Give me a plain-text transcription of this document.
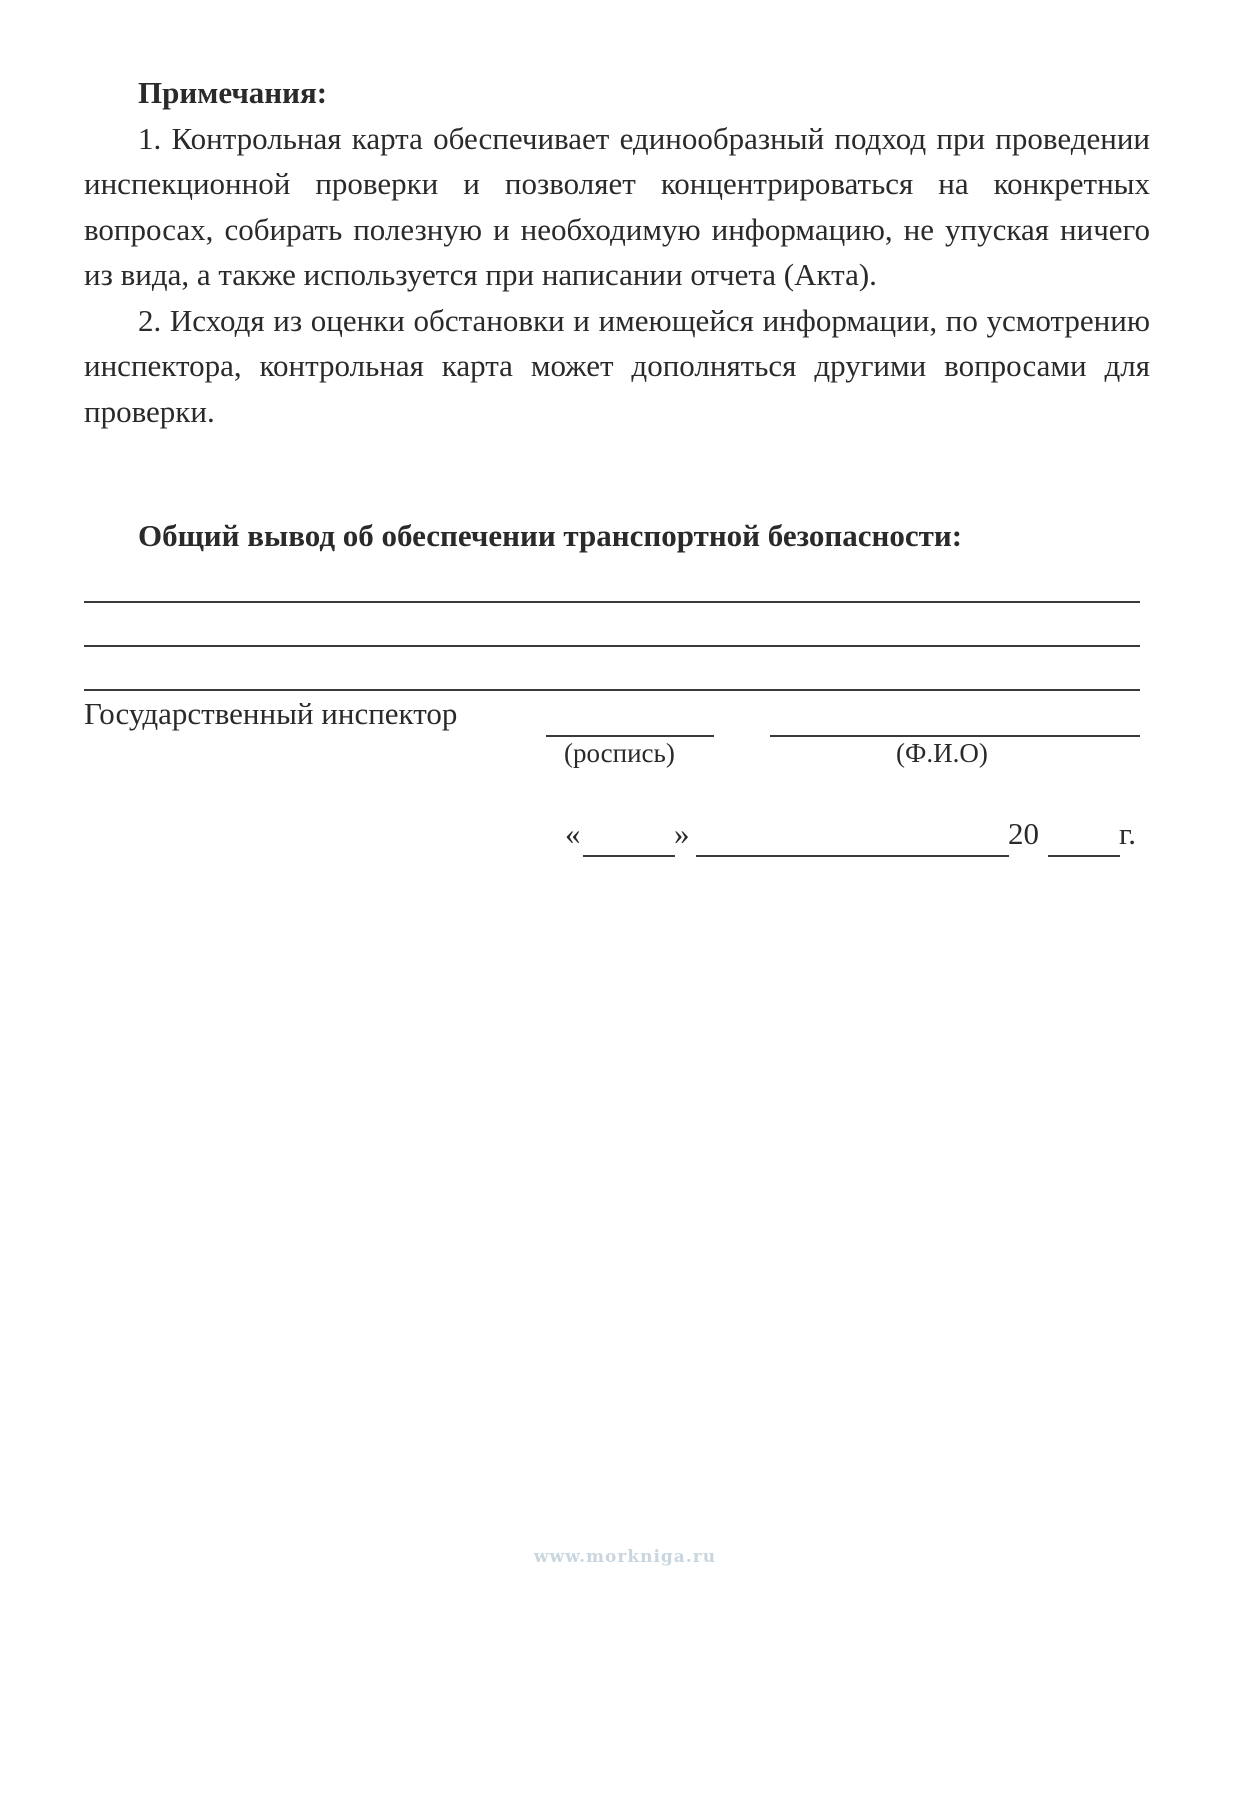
Примечания:

1. Контрольная карта обеспечивает единообразный подход при проведении инспекционной проверки и позволяет концентрироваться на конкретных вопросах, собирать полезную и необходимую информацию, не упуская ничего из вида, а также используется при написании отчета (Акта).

2. Исходя из оценки обстановки и имеющейся информации, по усмотрению инспектора, контрольная карта может дополняться другими вопросами для проверки.

Общий вывод об обеспечении транспортной безопасности:
Государственный инспектор
(роспись)	(Ф.И.О)
«	»	20	г.
www.morkniga.ru
